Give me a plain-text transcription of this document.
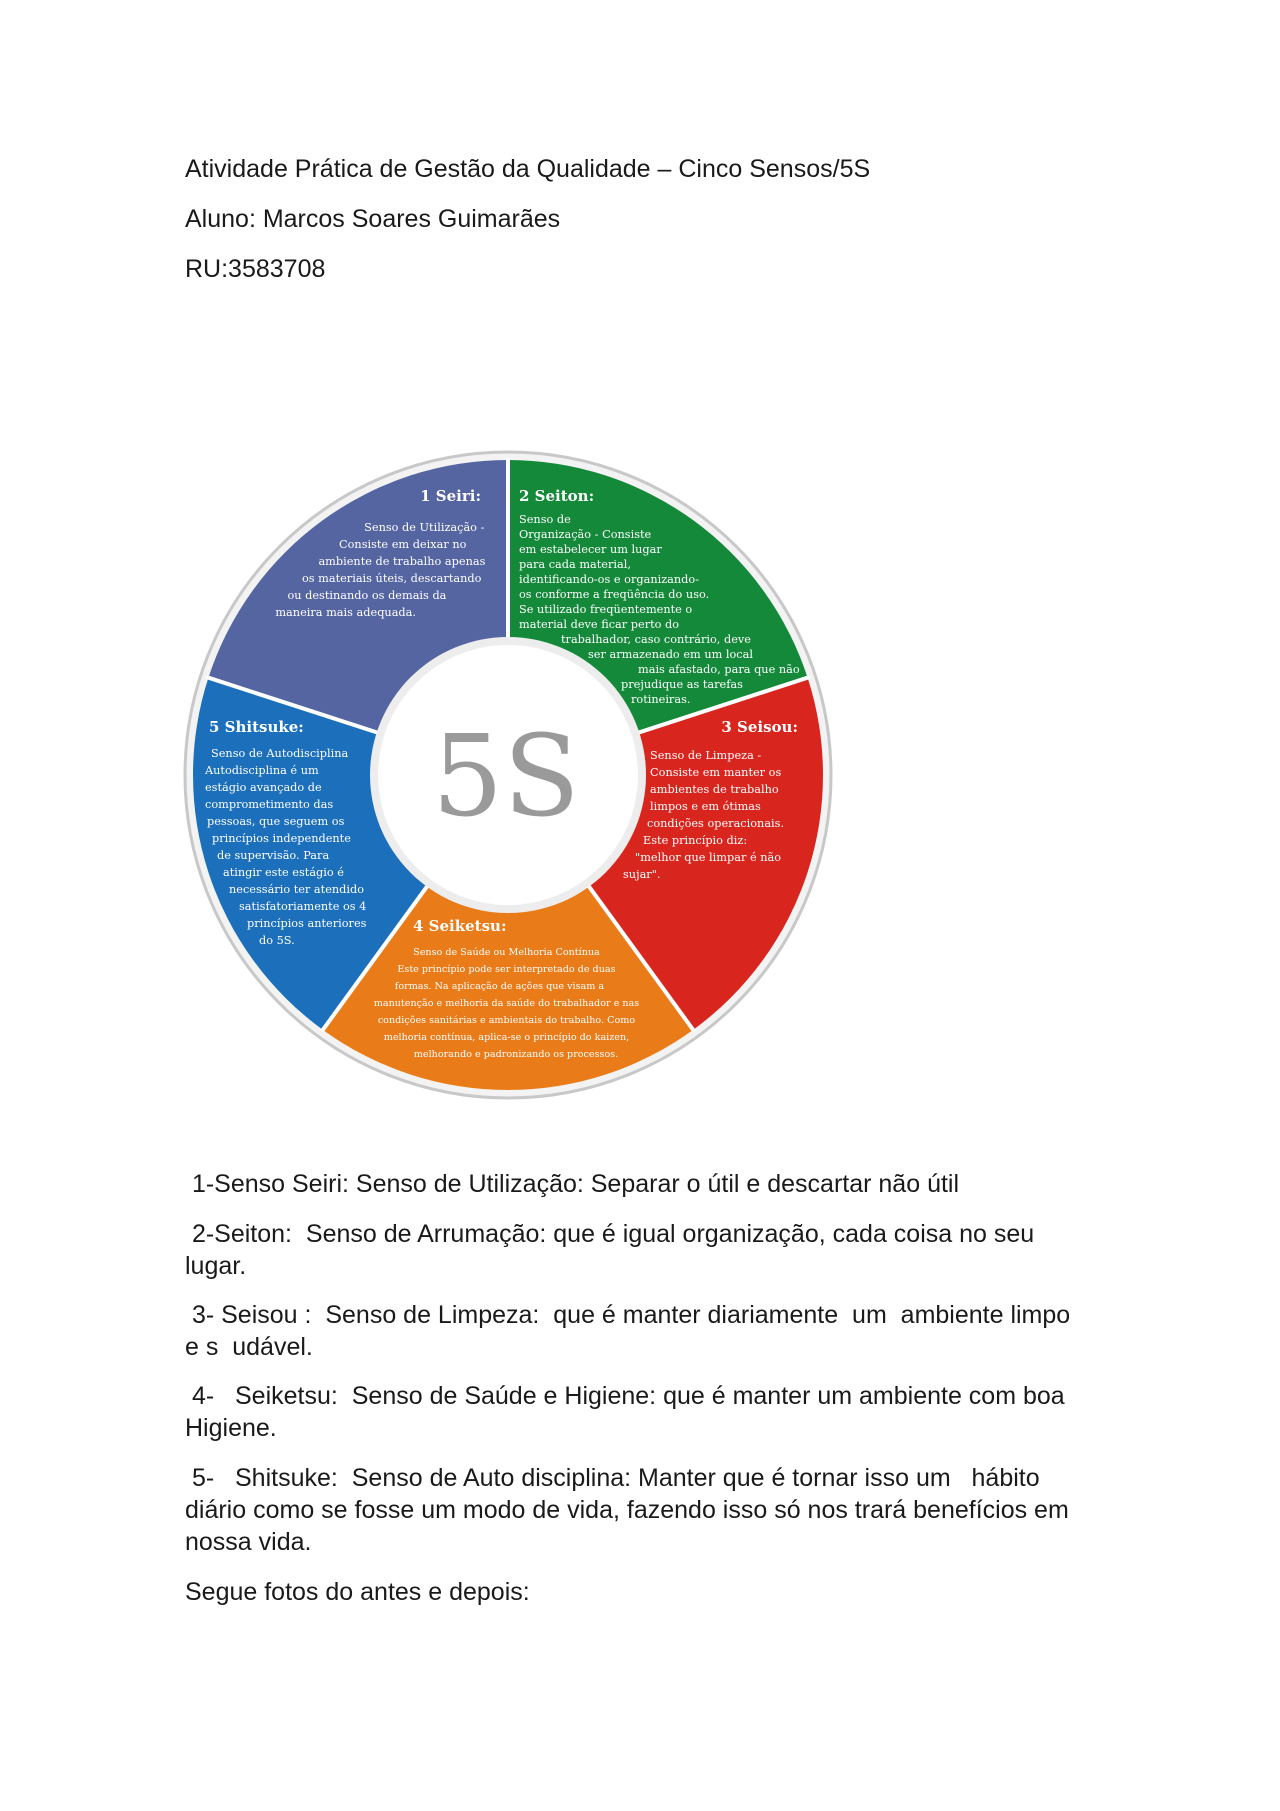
Atividade Prática de Gestão da Qualidade – Cinco Sensos/5S

Aluno: Marcos Soares Guimarães

RU:3583708

5S
1 Seiri:
Senso de Utilização - Consiste em deixar no ambiente de trabalho apenas os materiais úteis, descartando ou destinando os demais da maneira mais adequada.
2 Seiton:
Senso de Organização - Consiste em estabelecer um lugar para cada material, identificando-os e organizando- os conforme a freqüência do uso. Se utilizado freqüentemente o material deve ficar perto do trabalhador, caso contrário, deve ser armazenado em um local mais afastado, para que não prejudique as tarefas rotineiras.
3 Seisou:
Senso de Limpeza - Consiste em manter os ambientes de trabalho limpos e em ótimas condições operacionais. Este princípio diz: "melhor que limpar é não sujar".
4 Seiketsu:
Senso de Saúde ou Melhoria Contínua Este princípio pode ser interpretado de duas formas. Na aplicação de ações que visam a manutenção e melhoria da saúde do trabalhador e nas condições sanitárias e ambientais do trabalho. Como melhoria contínua, aplica-se o princípio do kaizen, melhorando e padronizando os processos.
5 Shitsuke:
Senso de Autodisciplina Autodisciplina é um estágio avançado de comprometimento das pessoas, que seguem os princípios independente de supervisão. Para atingir este estágio é necessário ter atendido satisfatoriamente os 4 princípios anteriores do 5S.

1-Senso Seiri: Senso de Utilização: Separar o útil e descartar não útil

2-Seiton:  Senso de Arrumação: que é igual organização, cada coisa no seu
lugar.

3- Seisou :  Senso de Limpeza:  que é manter diariamente  um  ambiente limpo
e s  udável.

4-   Seiketsu:  Senso de Saúde e Higiene: que é manter um ambiente com boa
Higiene.

5-   Shitsuke:  Senso de Auto disciplina: Manter que é tornar isso um   hábito
diário como se fosse um modo de vida, fazendo isso só nos trará benefícios em
nossa vida.

Segue fotos do antes e depois:
